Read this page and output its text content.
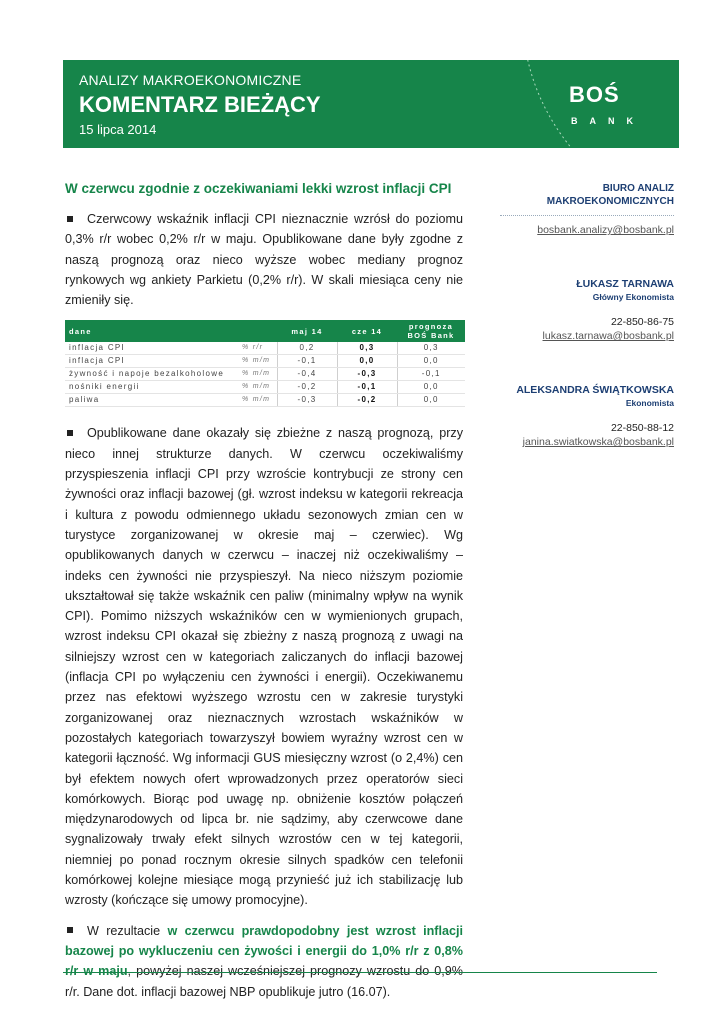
ANALIZY MAKROEKONOMICZNE
KOMENTARZ BIEŻĄCY
15 lipca 2014
BOŚ
BANK
W czerwcu zgodnie z oczekiwaniami lekki wzrost inflacji CPI

Czerwcowy wskaźnik inflacji CPI nieznacznie wzrósł do poziomu 0,3% r/r wobec 0,2% r/r w maju. Opublikowane dane były zgodne z naszą prognozą oraz nieco wyższe wobec mediany prognoz rynkowych wg ankiety Parkietu (0,2% r/r). W skali miesiąca ceny nie zmieniły się.

dane		maj 14	cze 14	prognoza BOŚ Bank
inflacja CPI	% r/r	0,2	0,3	0,3
inflacja CPI	% m/m	-0,1	0,0	0,0
żywność i napoje bezalkoholowe	% m/m	-0,4	-0,3	-0,1
nośniki energii	% m/m	-0,2	-0,1	0,0
paliwa	% m/m	-0,3	-0,2	0,0

Opublikowane dane okazały się zbieżne z naszą prognozą, przy nieco innej strukturze danych. W czerwcu oczekiwaliśmy przyspieszenia inflacji CPI przy wzroście kontrybucji ze strony cen żywności oraz inflacji bazowej (gł. wzrost indeksu w kategorii rekreacja i kultura z powodu odmiennego układu sezonowych zmian cen w turystyce zorganizowanej w okresie maj – czerwiec). Wg opublikowanych danych w czerwcu – inaczej niż oczekiwaliśmy – indeks cen żywności nie przyspieszył. Na nieco niższym poziomie ukształtował się także wskaźnik cen paliw (minimalny wpływ na wynik CPI). Pomimo niższych wskaźników cen w wymienionych grupach, wzrost indeksu CPI okazał się zbieżny z naszą prognozą z uwagi na silniejszy wzrost cen w kategoriach zaliczanych do inflacji bazowej (inflacja CPI po wyłączeniu cen żywności i energii). Oczekiwanemu przez nas efektowi wyższego wzrostu cen w zakresie turystyki zorganizowanej oraz nieznacznych wzrostach wskaźników w pozostałych kategoriach towarzyszył bowiem wyraźny wzrost cen w kategorii łączność. Wg informacji GUS miesięczny wzrost (o 2,4%) cen był efektem nowych ofert wprowadzonych przez operatorów sieci komórkowych. Biorąc pod uwagę np. obniżenie kosztów połączeń międzynarodowych od lipca br. nie sądzimy, aby czerwcowe dane sygnalizowały trwały efekt silnych wzrostów cen w tej kategorii, niemniej po ponad rocznym okresie silnych spadków cen telefonii komórkowej kolejne miesiące mogą przynieść już ich stabilizację lub wzrosty (kończące się umowy promocyjne).

W rezultacie w czerwcu prawdopodobny jest wzrost inflacji bazowej po wykluczeniu cen żywości i energii do 1,0% r/r z 0,8% r/r. Dane dot. inflacji bazowej NBP opublikuje jutro (16.07).

BIURO ANALIZ MAKROEKONOMICZNYCH
bosbank.analizy@bosbank.pl
ŁUKASZ TARNAWA
Główny Ekonomista
22-850-86-75
lukasz.tarnawa@bosbank.pl
ALEKSANDRA ŚWIĄTKOWSKA
Ekonomista
22-850-88-12
janina.swiatkowska@bosbank.pl
